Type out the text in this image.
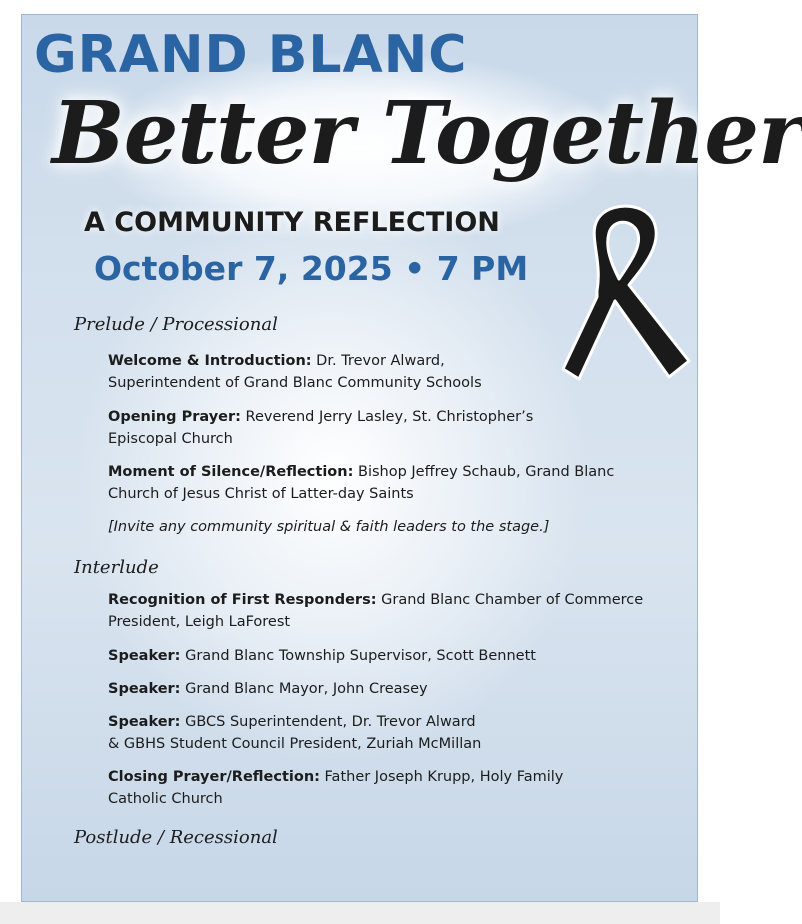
GRAND BLANC
Better Together
A COMMUNITY REFLECTION
October 7, 2025 • 7 PM
Prelude / Processional

Welcome & Introduction: Dr. Trevor Alward,
Superintendent of Grand Blanc Community Schools

Opening Prayer: Reverend Jerry Lasley, St. Christopher’s
Episcopal Church

Moment of Silence/Reflection: Bishop Jeffrey Schaub, Grand Blanc
Church of Jesus Christ of Latter-day Saints

[Invite any community spiritual & faith leaders to the stage.]

Interlude

Recognition of First Responders: Grand Blanc Chamber of Commerce
President, Leigh LaForest

Speaker: Grand Blanc Township Supervisor, Scott Bennett

Speaker: Grand Blanc Mayor, John Creasey

Speaker: GBCS Superintendent, Dr. Trevor Alward
& GBHS Student Council President, Zuriah McMillan

Closing Prayer/Reflection: Father Joseph Krupp, Holy Family
Catholic Church

Postlude / Recessional
